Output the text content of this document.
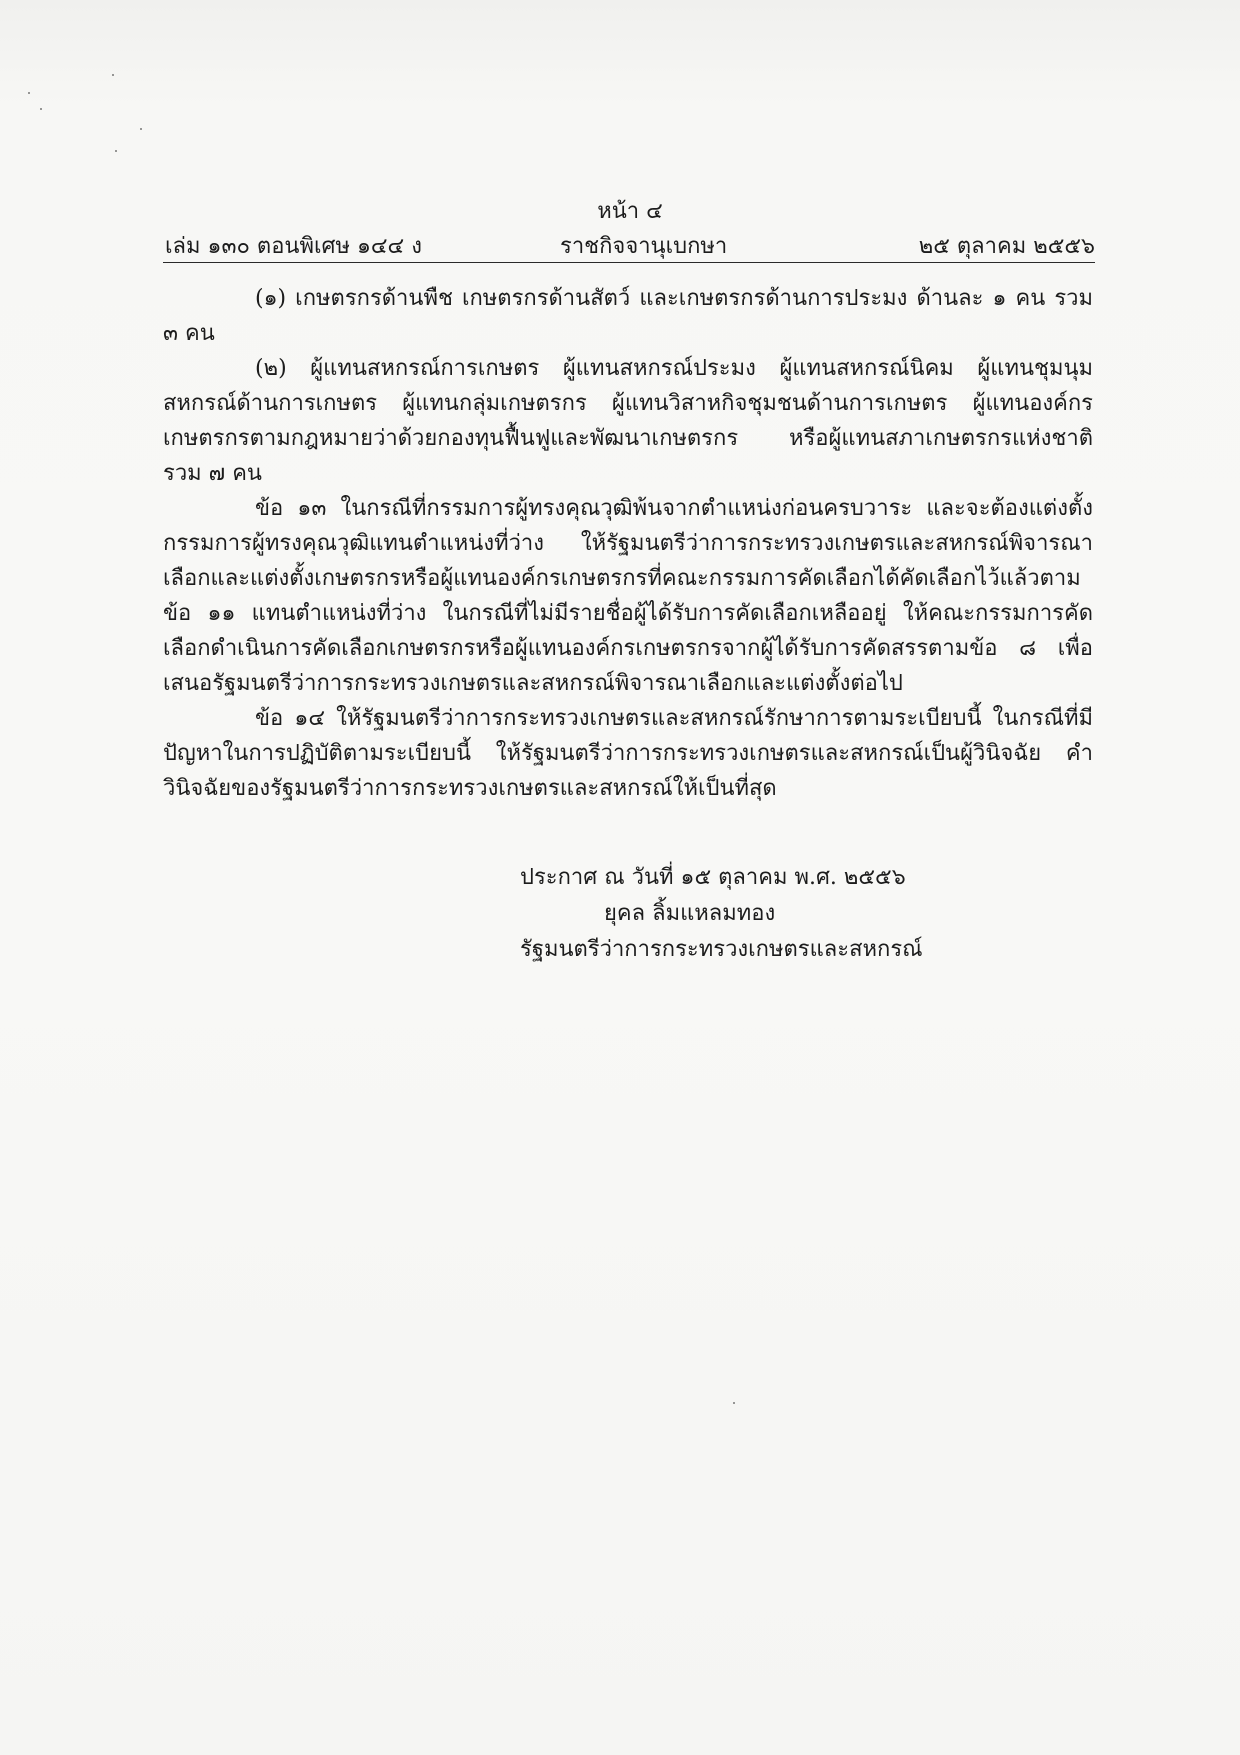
หน้า ๔
เล่ม ๑๓๐ ตอนพิเศษ ๑๔๔ ง	ราชกิจจานุเบกษา	๒๕ ตุลาคม ๒๕๕๖

(๑) เกษตรกรด้านพืช เกษตรกรด้านสัตว์ และเกษตรกรด้านการประมง ด้านละ ๑ คน รวม ๓ คน

(๒) ผู้แทนสหกรณ์การเกษตร ผู้แทนสหกรณ์ประมง ผู้แทนสหกรณ์นิคม ผู้แทนชุมนุมสหกรณ์ด้านการเกษตร ผู้แทนกลุ่มเกษตรกร ผู้แทนวิสาหกิจชุมชนด้านการเกษตร ผู้แทนองค์กรเกษตรกรตามกฎหมายว่าด้วยกองทุนฟื้นฟูและพัฒนาเกษตรกร หรือผู้แทนสภาเกษตรกรแห่งชาติ รวม ๗ คน

ข้อ ๑๓ ในกรณีที่กรรมการผู้ทรงคุณวุฒิพ้นจากตำแหน่งก่อนครบวาระ และจะต้องแต่งตั้งกรรมการผู้ทรงคุณวุฒิแทนตำแหน่งที่ว่าง ให้รัฐมนตรีว่าการกระทรวงเกษตรและสหกรณ์พิจารณาเลือกและแต่งตั้งเกษตรกรหรือผู้แทนองค์กรเกษตรกรที่คณะกรรมการคัดเลือกได้คัดเลือกไว้แล้วตามข้อ ๑๑ แทนตำแหน่งที่ว่าง ในกรณีที่ไม่มีรายชื่อผู้ได้รับการคัดเลือกเหลืออยู่ ให้คณะกรรมการคัดเลือกดำเนินการคัดเลือกเกษตรกรหรือผู้แทนองค์กรเกษตรกรจากผู้ได้รับการคัดสรรตามข้อ ๘ เพื่อเสนอรัฐมนตรีว่าการกระทรวงเกษตรและสหกรณ์พิจารณาเลือกและแต่งตั้งต่อไป

ข้อ ๑๔ ให้รัฐมนตรีว่าการกระทรวงเกษตรและสหกรณ์รักษาการตามระเบียบนี้ ในกรณีที่มีปัญหาในการปฏิบัติตามระเบียบนี้ ให้รัฐมนตรีว่าการกระทรวงเกษตรและสหกรณ์เป็นผู้วินิจฉัย คำวินิจฉัยของรัฐมนตรีว่าการกระทรวงเกษตรและสหกรณ์ให้เป็นที่สุด

ประกาศ ณ วันที่ ๑๕ ตุลาคม พ.ศ. ๒๕๕๖
ยุคล ลิ้มแหลมทอง
รัฐมนตรีว่าการกระทรวงเกษตรและสหกรณ์
